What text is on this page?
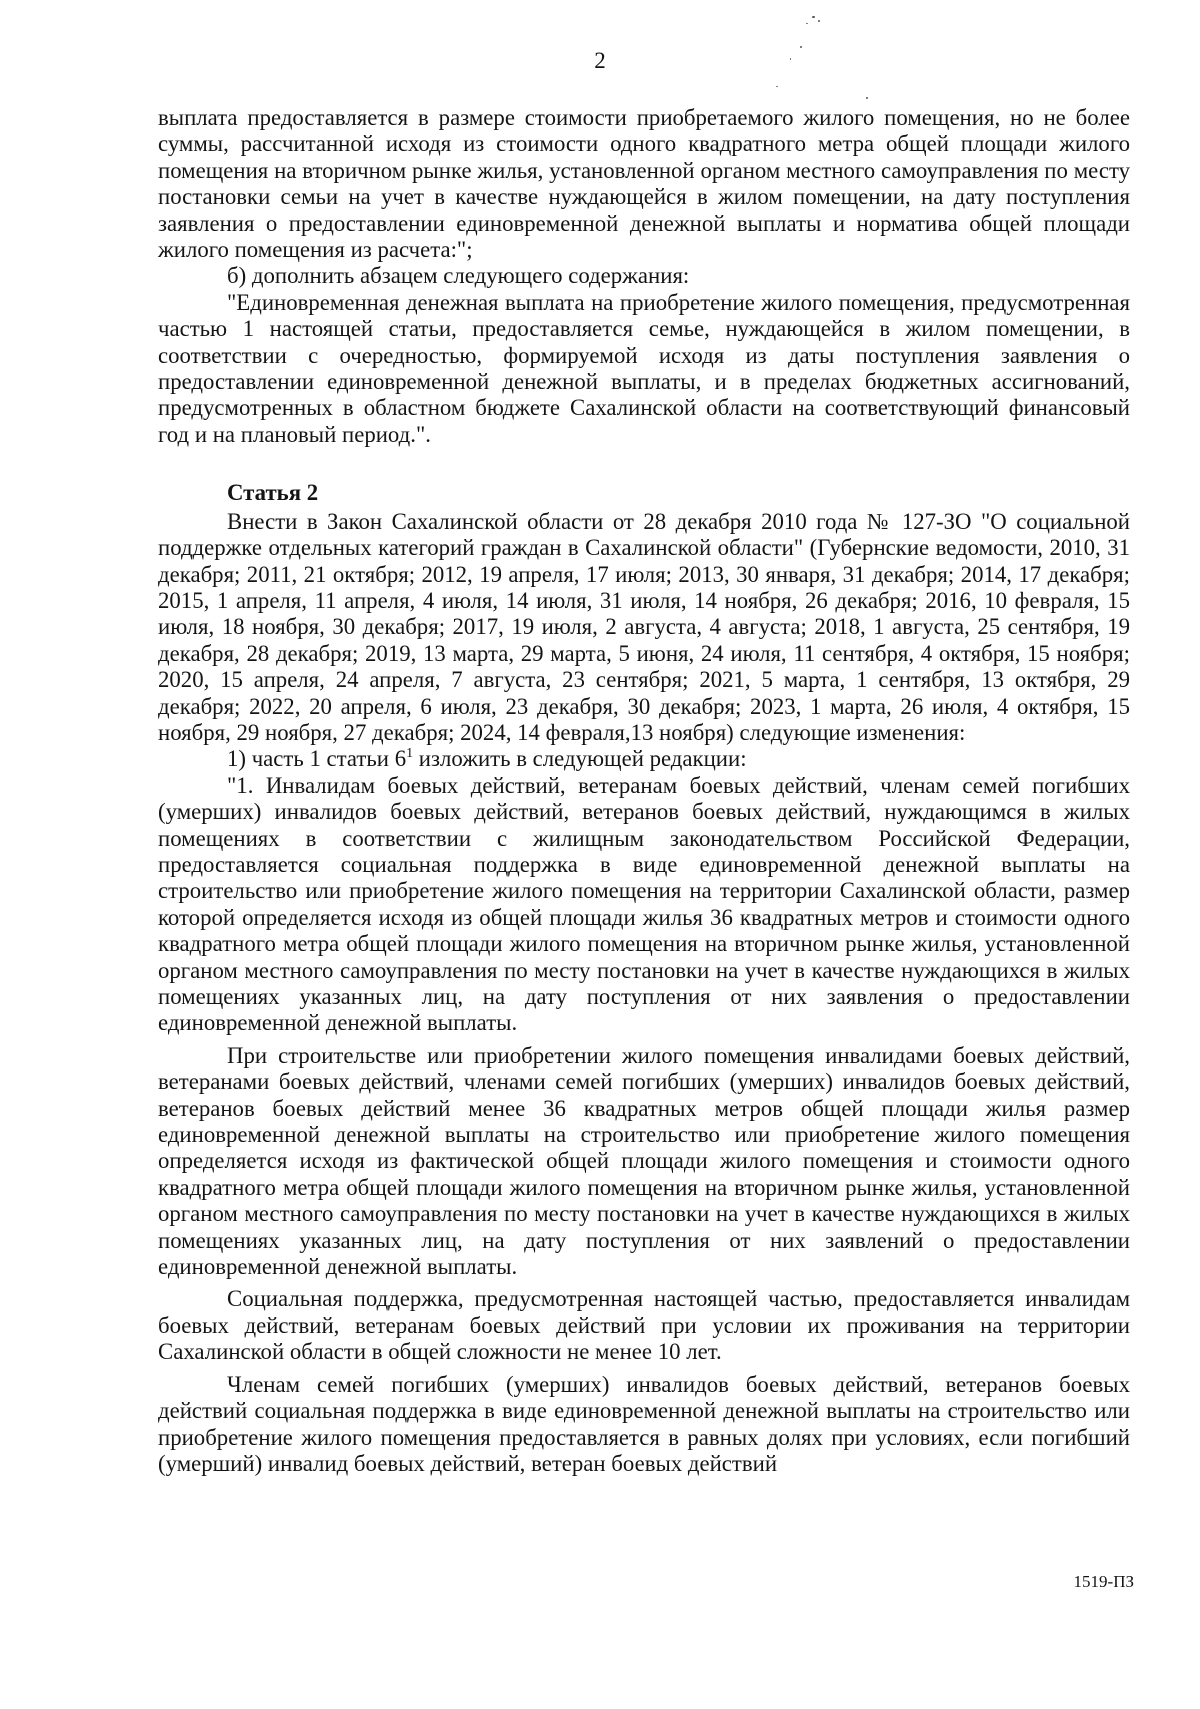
2

выплата предоставляется в размере стоимости приобретаемого жилого помещения, но не более суммы, рассчитанной исходя из стоимости одного квадратного метра общей площади жилого помещения на вторичном рынке жилья, установленной органом местного самоуправления по месту постановки семьи на учет в качестве нуждающейся в жилом помещении, на дату поступления заявления о предоставлении единовременной денежной выплаты и норматива общей площади жилого помещения из расчета:";

б) дополнить абзацем следующего содержания:

"Единовременная денежная выплата на приобретение жилого помещения, предусмотренная частью 1 настоящей статьи, предоставляется семье, нуждающейся в жилом помещении, в соответствии с очередностью, формируемой исходя из даты поступления заявления о предоставлении единовременной денежной выплаты, и в пределах бюджетных ассигнований, предусмотренных в областном бюджете Сахалинской области на соответствующий финансовый год и на плановый период.".

Статья 2

Внести в Закон Сахалинской области от 28 декабря 2010 года № 127-ЗО "О социальной поддержке отдельных категорий граждан в Сахалинской области" (Губернские ведомости, 2010, 31 декабря; 2011, 21 октября; 2012, 19 апреля, 17 июля; 2013, 30 января, 31 декабря; 2014, 17 декабря; 2015, 1 апреля, 11 апреля, 4 июля, 14 июля, 31 июля, 14 ноября, 26 декабря; 2016, 10 февраля, 15 июля, 18 ноября, 30 декабря; 2017, 19 июля, 2 августа, 4 августа; 2018, 1 августа, 25 сентября, 19 декабря, 28 декабря; 2019, 13 марта, 29 марта, 5 июня, 24 июля, 11 сентября, 4 октября, 15 ноября; 2020, 15 апреля, 24 апреля, 7 августа, 23 сентября; 2021, 5 марта, 1 сентября, 13 октября, 29 декабря; 2022, 20 апреля, 6 июля, 23 декабря, 30 декабря; 2023, 1 марта, 26 июля, 4 октября, 15 ноября, 29 ноября, 27 декабря; 2024, 14 февраля,13 ноября) следующие изменения:

1) часть 1 статьи $6^1$ изложить в следующей редакции:

"1. Инвалидам боевых действий, ветеранам боевых действий, членам семей погибших (умерших) инвалидов боевых действий, ветеранов боевых действий, нуждающимся в жилых помещениях в соответствии с жилищным законодательством Российской Федерации, предоставляется социальная поддержка в виде единовременной денежной выплаты на строительство или приобретение жилого помещения на территории Сахалинской области, размер которой определяется исходя из общей площади жилья 36 квадратных метров и стоимости одного квадратного метра общей площади жилого помещения на вторичном рынке жилья, установленной органом местного самоуправления по месту постановки на учет в качестве нуждающихся в жилых помещениях указанных лиц, на дату поступления от них заявления о предоставлении единовременной денежной выплаты.

При строительстве или приобретении жилого помещения инвалидами боевых действий, ветеранами боевых действий, членами семей погибших (умерших) инвалидов боевых действий, ветеранов боевых действий менее 36 квадратных метров общей площади жилья размер единовременной денежной выплаты на строительство или приобретение жилого помещения определяется исходя из фактической общей площади жилого помещения и стоимости одного квадратного метра общей площади жилого помещения на вторичном рынке жилья, установленной органом местного самоуправления по месту постановки на учет в качестве нуждающихся в жилых помещениях указанных лиц, на дату поступления от них заявлений о предоставлении единовременной денежной выплаты.

Социальная поддержка, предусмотренная настоящей частью, предоставляется инвалидам боевых действий, ветеранам боевых действий при условии их проживания на территории Сахалинской области в общей сложности не менее 10 лет.

Членам семей погибших (умерших) инвалидов боевых действий, ветеранов боевых действий социальная поддержка в виде единовременной денежной выплаты на строительство или приобретение жилого помещения предоставляется в равных долях при условиях, если погибший (умерший) инвалид боевых действий, ветеран боевых действий

1519-ПЗ
